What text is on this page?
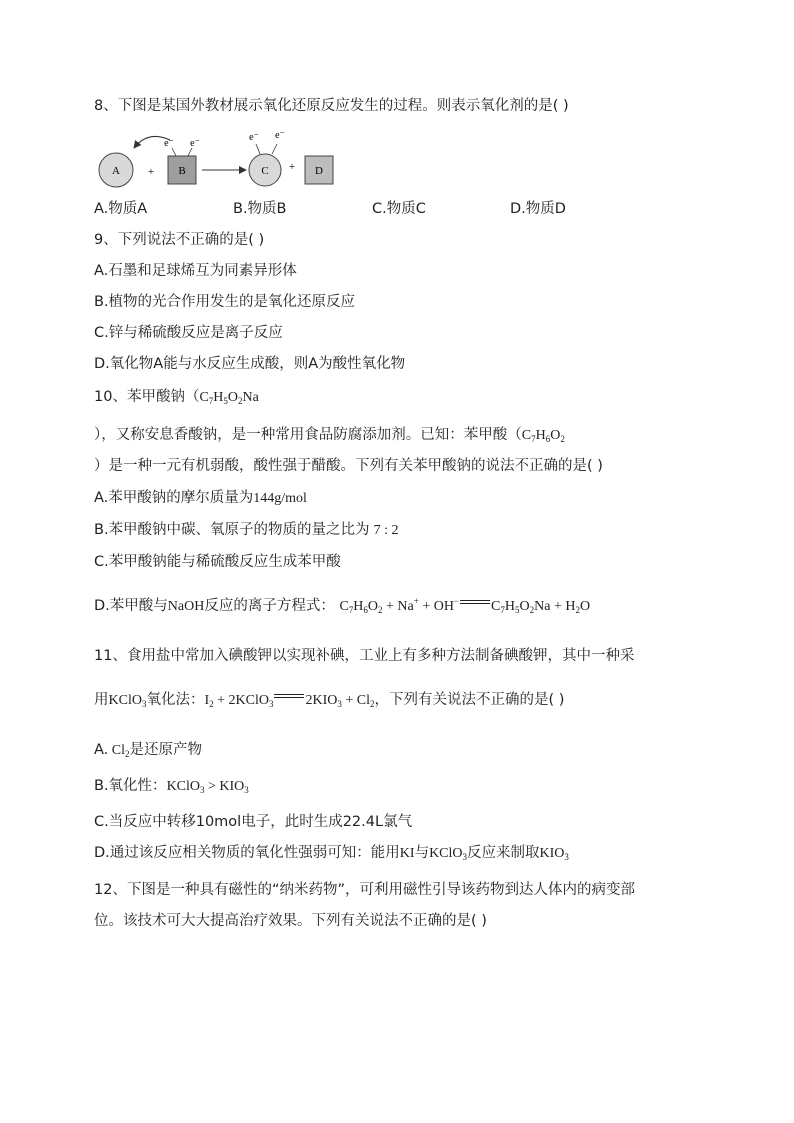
8、下图是某国外教材展示氧化还原反应发生的过程。则表示氧化剂的是( )
A	+ B
e⁻ e⁻
C
e⁻ e⁻
+ D
A.物质A	B.物质B	C.物质C	D.物质D
9、下列说法不正确的是( )
A.石墨和足球烯互为同素异形体
B.植物的光合作用发生的是氧化还原反应
C.锌与稀硫酸反应是离子反应
D.氧化物A能与水反应生成酸，则A为酸性氧化物
10、苯甲酸钠（$C_7H_5O_2Na$
），又称安息香酸钠，是一种常用食品防腐添加剂。已知：苯甲酸（$C_7H_6O_2$
）是一种一元有机弱酸，酸性强于醋酸。下列有关苯甲酸钠的说法不正确的是( )
A.苯甲酸钠的摩尔质量为144g/mol
B.苯甲酸钠中碳、氧原子的物质的量之比为 7 : 2
C.苯甲酸钠能与稀硫酸反应生成苯甲酸
D.苯甲酸与NaOH反应的离子方程式： $C_7H_6O_2 + Na^+ + OH^-$ $C_7H_5O_2Na + H_2O$
11、食用盐中常加入碘酸钾以实现补碘，工业上有多种方法制备碘酸钾，其中一种采
用KClO$_3$氧化法：$I_2$ + 2KClO$_3$ $2KIO_3 + Cl_2$，下列有关说法不正确的是( )
A. $Cl_2$是还原产物
B.氧化性：KClO$_3$ > $KIO_3$
C.当反应中转移10mol电子，此时生成22.4L氯气
D.通过该反应相关物质的氧化性强弱可知：能用KI与KClO$_3$反应来制取$KIO_3$
12、下图是一种具有磁性的“纳米药物”，可利用磁性引导该药物到达人体内的病变部
位。该技术可大大提高治疗效果。下列有关说法不正确的是( )
